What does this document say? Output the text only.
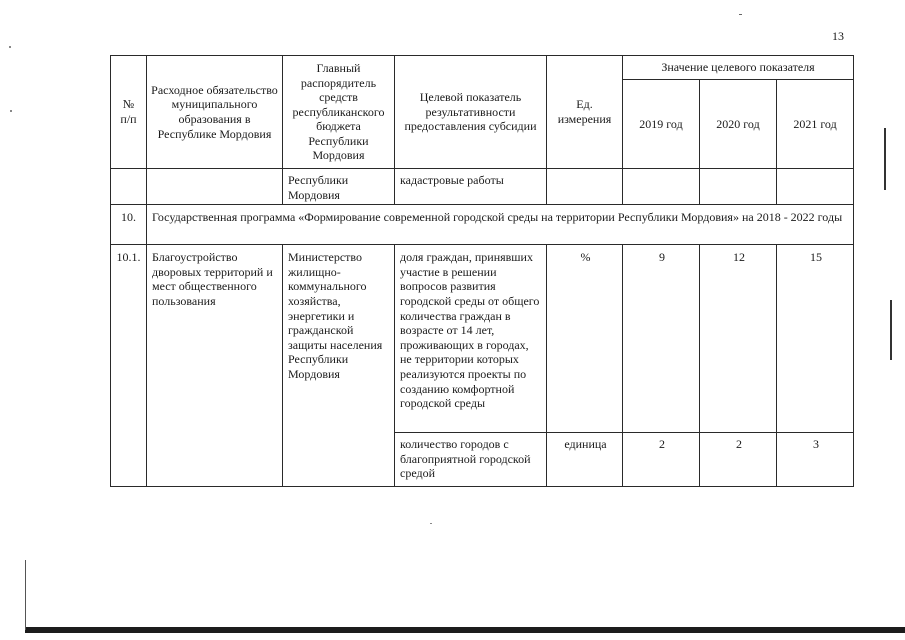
13
№ п/п	Расходное обязательство муниципального образования в Республике Мордовия	Главный распорядитель средств республиканского бюджета Республики Мордовия	Целевой показатель результативности предоставления субсидии	Ед. измерения	Значение целевого показателя		
					2019 год	2020 год	2021 год
		Республики Мордовия	кадастровые работы				
10.	Государственная программа «Формирование современной городской среды на территории Республики Мордовия» на 2018 - 2022 годы						
10.1.	Благоустройство дворовых территорий и мест общественного пользования	Министерство жилищно-коммунального хозяйства, энергетики и гражданской защиты населения Республики Мордовия	доля граждан, принявших участие в решении вопросов развития городской среды от общего количества граждан в возрасте от 14 лет, проживающих в городах, не территории которых реализуются проекты по созданию комфортной городской среды	%	9	12	15
			количество городов с благоприятной городской средой	единица	2	2	3
